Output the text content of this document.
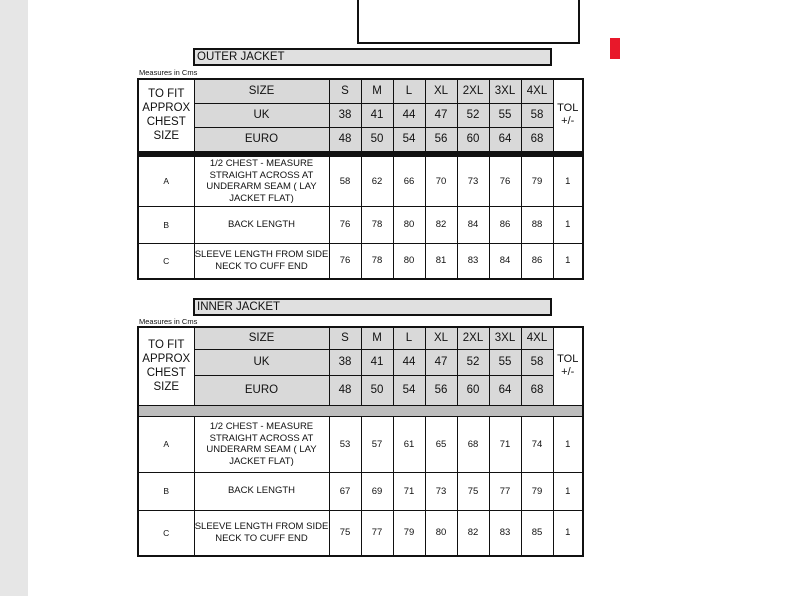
OUTER JACKET
Measures in Cms
TO FIT APPROX CHEST SIZE	SIZE	S	M	L	XL	2XL	3XL	4XL	TOL +/-
	UK	38	41	44	47	52	55	58	
	EURO	48	50	54	56	60	64	68	

A	1/2 CHEST - MEASURE STRAIGHT ACROSS AT UNDERARM SEAM ( LAY JACKET FLAT)	58	62	66	70	73	76	79	1
B	BACK LENGTH	76	78	80	82	84	86	88	1
C	SLEEVE LENGTH FROM SIDE NECK TO CUFF END	76	78	80	81	83	84	86	1
INNER JACKET
Measures in Cms
TO FIT APPROX CHEST SIZE	SIZE	S	M	L	XL	2XL	3XL	4XL	TOL +/-
	UK	38	41	44	47	52	55	58	
	EURO	48	50	54	56	60	64	68	

A	1/2 CHEST - MEASURE STRAIGHT ACROSS AT UNDERARM SEAM ( LAY JACKET FLAT)	53	57	61	65	68	71	74	1
B	BACK LENGTH	67	69	71	73	75	77	79	1
C	SLEEVE LENGTH FROM SIDE NECK TO CUFF END	75	77	79	80	82	83	85	1
